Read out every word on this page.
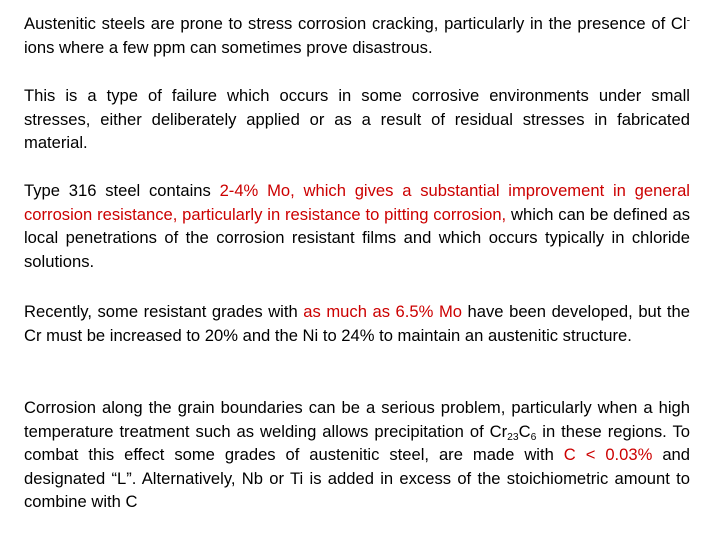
Austenitic steels are prone to stress corrosion cracking, particularly in the presence of Cl- ions where a few ppm can sometimes prove disastrous.

This is a type of failure which occurs in some corrosive environments under small stresses, either deliberately applied or as a result of residual stresses in fabricated material.

Type 316 steel contains 2-4% Mo, which gives a substantial improvement in general corrosion resistance, particularly in resistance to pitting corrosion, which can be defined as local penetrations of the corrosion resistant films and which occurs typically in chloride solutions.

Recently, some resistant grades with as much as 6.5% Mo have been developed, but the Cr must be increased to 20% and the Ni to 24% to maintain an austenitic structure.

Corrosion along the grain boundaries can be a serious problem, particularly when a high temperature treatment such as welding allows precipitation of $Cr_{23}C_6$ in these regions. To combat this effect some grades of austenitic steel, are made with C < 0.03% and designated “L”. Alternatively, Nb or Ti is added in excess of the stoichiometric amount to combine with C
